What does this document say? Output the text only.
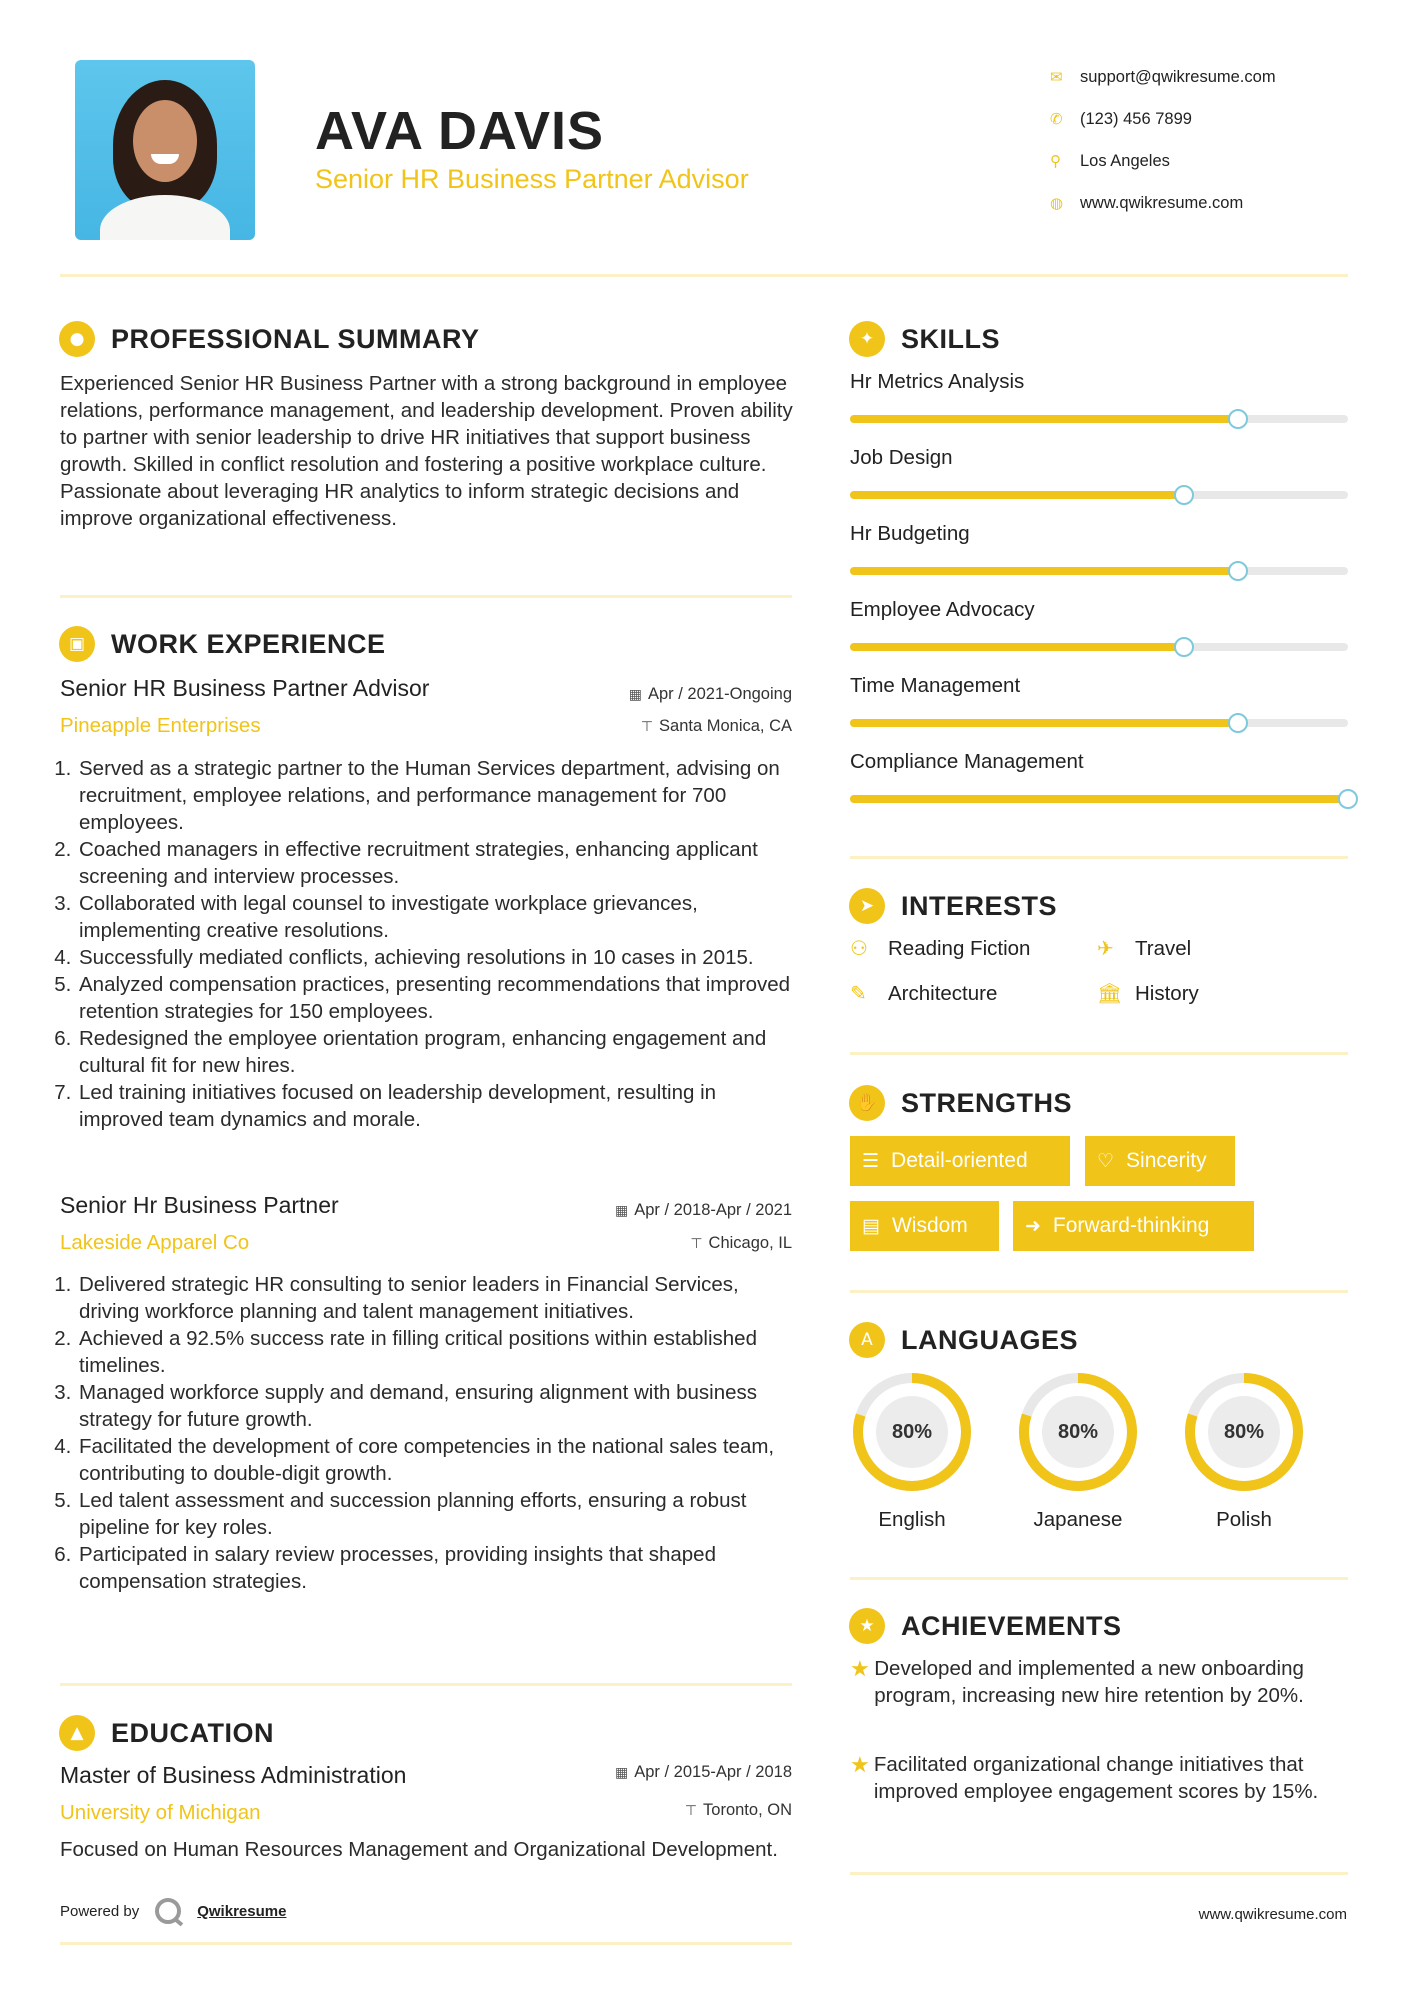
AVA DAVIS
Senior HR Business Partner Advisor
✉	support@qwikresume.com
✆	(123) 456 7899
⚲	Los Angeles
◍	www.qwikresume.com
● PROFESSIONAL SUMMARY
Experienced Senior HR Business Partner with a strong background in employee relations, performance management, and leadership development. Proven ability to partner with senior leadership to drive HR initiatives that support business growth. Skilled in conflict resolution and fostering a positive workplace culture. Passionate about leveraging HR analytics to inform strategic decisions and improve organizational effectiveness.
▣ WORK EXPERIENCE
Senior HR Business Partner Advisor
Pineapple Enterprises
▦ Apr / 2021-Ongoing
⊤ Santa Monica, CA
1. Served as a strategic partner to the Human Services department, advising on recruitment, employee relations, and performance management for 700 employees.
2. Coached managers in effective recruitment strategies, enhancing applicant screening and interview processes.
3. Collaborated with legal counsel to investigate workplace grievances, implementing creative resolutions.
4. Successfully mediated conflicts, achieving resolutions in 10 cases in 2015.
5. Analyzed compensation practices, presenting recommendations that improved retention strategies for 150 employees.
6. Redesigned the employee orientation program, enhancing engagement and cultural fit for new hires.
7. Led training initiatives focused on leadership development, resulting in improved team dynamics and morale.
Senior Hr Business Partner
Lakeside Apparel Co
▦ Apr / 2018-Apr / 2021
⊤ Chicago, IL
1. Delivered strategic HR consulting to senior leaders in Financial Services, driving workforce planning and talent management initiatives.
2. Achieved a 92.5% success rate in filling critical positions within established timelines.
3. Managed workforce supply and demand, ensuring alignment with business strategy for future growth.
4. Facilitated the development of core competencies in the national sales team, contributing to double-digit growth.
5. Led talent assessment and succession planning efforts, ensuring a robust pipeline for key roles.
6. Participated in salary review processes, providing insights that shaped compensation strategies.
▲	EDUCATION
Master of Business Administration
University of Michigan
▦ Apr / 2015-Apr / 2018
⊤ Toronto, ON
Focused on Human Resources Management and Organizational Development.
✦ SKILLS
Hr Metrics Analysis
Job Design
Hr Budgeting
Employee Advocacy
Time Management
Compliance Management
➤ INTERESTS
⚇ Reading Fiction	✈	Travel
✎	Architecture	🏛 History
✋ STRENGTHS
☰ Detail-oriented	♡ Sincerity
▤ Wisdom	➜ Forward-thinking
A	LANGUAGES
80%
English
80%
Japanese
80%
Polish
★ ACHIEVEMENTS
★ Developed and implemented a new onboarding program, increasing new hire retention by 20%.
★ Facilitated organizational change initiatives that improved employee engagement scores by 15%.
Powered by	Qwikresume	www.qwikresume.com
